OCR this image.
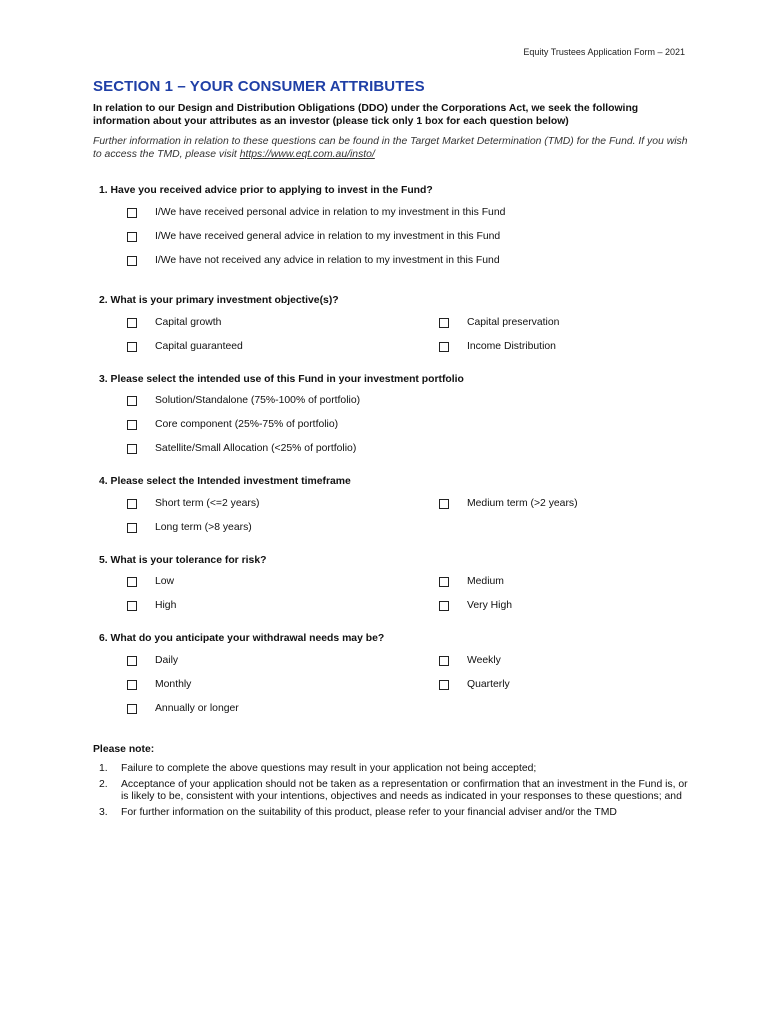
Equity Trustees Application Form – 2021
SECTION 1 – YOUR CONSUMER ATTRIBUTES
In relation to our Design and Distribution Obligations (DDO) under the Corporations Act, we seek the following information about your attributes as an investor (please tick only 1 box for each question below)
Further information in relation to these questions can be found in the Target Market Determination (TMD) for the Fund. If you wish to access the TMD, please visit https://www.eqt.com.au/insto/
1. Have you received advice prior to applying to invest in the Fund?
I/We have received personal advice in relation to my investment in this Fund
I/We have received general advice in relation to my investment in this Fund
I/We have not received any advice in relation to my investment in this Fund
2. What is your primary investment objective(s)?
Capital growth	Capital preservation
Capital guaranteed	Income Distribution
3. Please select the intended use of this Fund in your investment portfolio
Solution/Standalone (75%-100% of portfolio)
Core component (25%-75% of portfolio)
Satellite/Small Allocation (<25% of portfolio)
4. Please select the Intended investment timeframe
Short term (<=2 years)	Medium term (>2 years)
Long term (>8 years)
5. What is your tolerance for risk?
Low	Medium
High	Very High
6. What do you anticipate your withdrawal needs may be?
Daily	Weekly
Monthly	Quarterly
Annually or longer
Please note:
1.	Failure to complete the above questions may result in your application not being accepted;
2.	Acceptance of your application should not be taken as a representation or confirmation that an investment in the Fund is, or is likely to be, consistent with your intentions, objectives and needs as indicated in your responses to these questions; and
3.	For further information on the suitability of this product, please refer to your financial adviser and/or the TMD
